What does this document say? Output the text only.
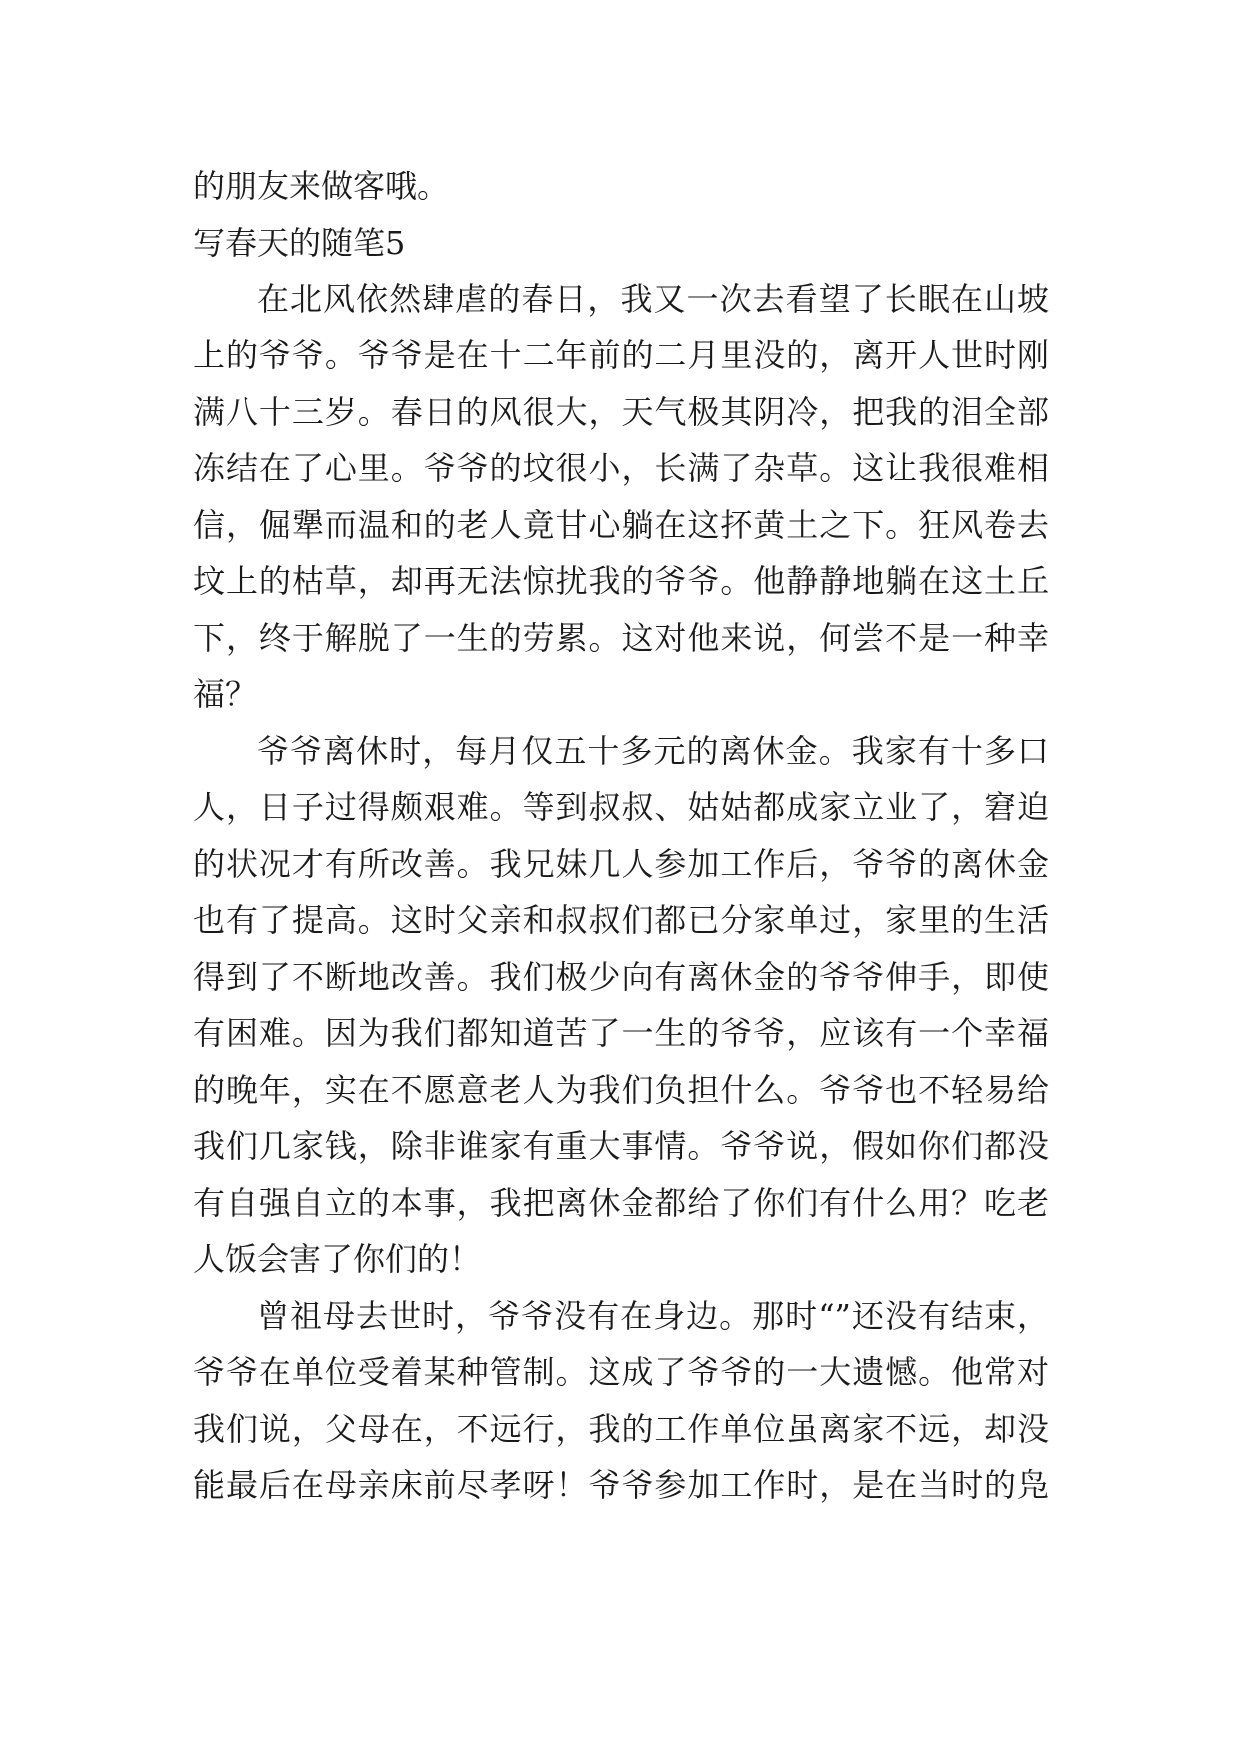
的朋友来做客哦。
写春天的随笔5
在北风依然肆虐的春日，我又一次去看望了长眠在山坡
上的爷爷。爷爷是在十二年前的二月里没的，离开人世时刚
满八十三岁。春日的风很大，天气极其阴冷，把我的泪全部
冻结在了心里。爷爷的坟很小，长满了杂草。这让我很难相
信，倔犟而温和的老人竟甘心躺在这抔黄土之下。狂风卷去
坟上的枯草，却再无法惊扰我的爷爷。他静静地躺在这土丘
下，终于解脱了一生的劳累。这对他来说，何尝不是一种幸
福？
爷爷离休时，每月仅五十多元的离休金。我家有十多口
人，日子过得颇艰难。等到叔叔、姑姑都成家立业了，窘迫
的状况才有所改善。我兄妹几人参加工作后，爷爷的离休金
也有了提高。这时父亲和叔叔们都已分家单过，家里的生活
得到了不断地改善。我们极少向有离休金的爷爷伸手，即使
有困难。因为我们都知道苦了一生的爷爷，应该有一个幸福
的晚年，实在不愿意老人为我们负担什么。爷爷也不轻易给
我们几家钱，除非谁家有重大事情。爷爷说，假如你们都没
有自强自立的本事，我把离休金都给了你们有什么用？吃老
人饭会害了你们的！
曾祖母去世时，爷爷没有在身边。那时“”还没有结束，
爷爷在单位受着某种管制。这成了爷爷的一大遗憾。他常对
我们说，父母在，不远行，我的工作单位虽离家不远，却没
能最后在母亲床前尽孝呀！爷爷参加工作时，是在当时的凫
